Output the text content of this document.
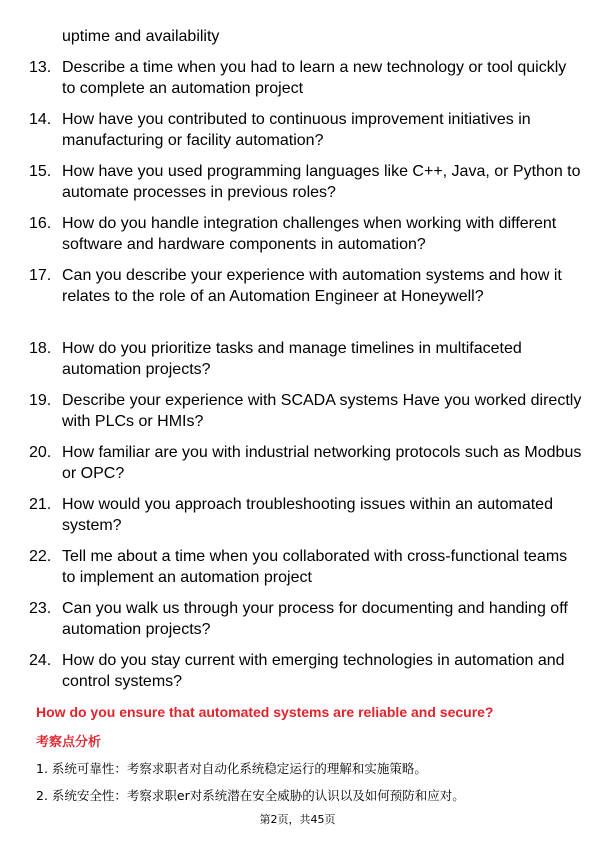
uptime and availability
13. Describe a time when you had to learn a new technology or tool quickly to complete an automation project
14. How have you contributed to continuous improvement initiatives in manufacturing or facility automation?
15. How have you used programming languages like C++, Java, or Python to automate processes in previous roles?
16. How do you handle integration challenges when working with different software and hardware components in automation?
17. Can you describe your experience with automation systems and how it relates to the role of an Automation Engineer at Honeywell?
18. How do you prioritize tasks and manage timelines in multifaceted automation projects?
19. Describe your experience with SCADA systems Have you worked directly with PLCs or HMIs?
20. How familiar are you with industrial networking protocols such as Modbus or OPC?
21. How would you approach troubleshooting issues within an automated system?
22. Tell me about a time when you collaborated with cross-functional teams to implement an automation project
23. Can you walk us through your process for documenting and handing off automation projects?
24. How do you stay current with emerging technologies in automation and control systems?
How do you ensure that automated systems are reliable and secure?
考察点分析
1. 系统可靠性：考察求职者对自动化系统稳定运行的理解和实施策略。
2. 系统安全性：考察求职er对系统潜在安全威胁的认识以及如何预防和应对。
第2页，共45页
